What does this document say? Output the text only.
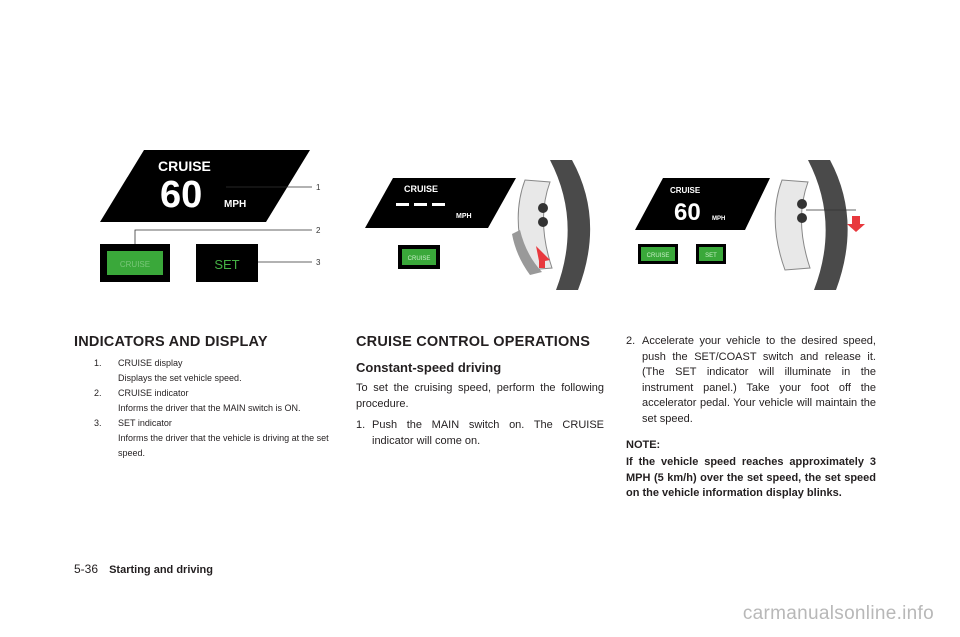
CRUISE
60 MPH
1
2
CRUISE	SET	3
CRUISE
MPH
CRUISE
CRUISE
60 MPH
CRUISE	SET
INDICATORS AND DISPLAY
1. CRUISE display
Displays the set vehicle speed.
2. CRUISE indicator
Informs the driver that the MAIN switch is ON.
3. SET indicator
Informs the driver that the vehicle is driving at the set speed.
CRUISE CONTROL OPERATIONS
Constant-speed driving

To set the cruising speed, perform the following procedure.

1. Push the MAIN switch on. The CRUISE indicator will come on.
2. Accelerate your vehicle to the desired speed, push the SET/COAST switch and release it. (The SET indicator will illuminate in the instrument panel.) Take your foot off the accelerator pedal. Your vehicle will maintain the set speed.
NOTE:

If the vehicle speed reaches approximately 3 MPH (5 km/h) over the set speed, the set speed on the vehicle information display blinks.

5-36 Starting and driving
carmanualsonline.info
